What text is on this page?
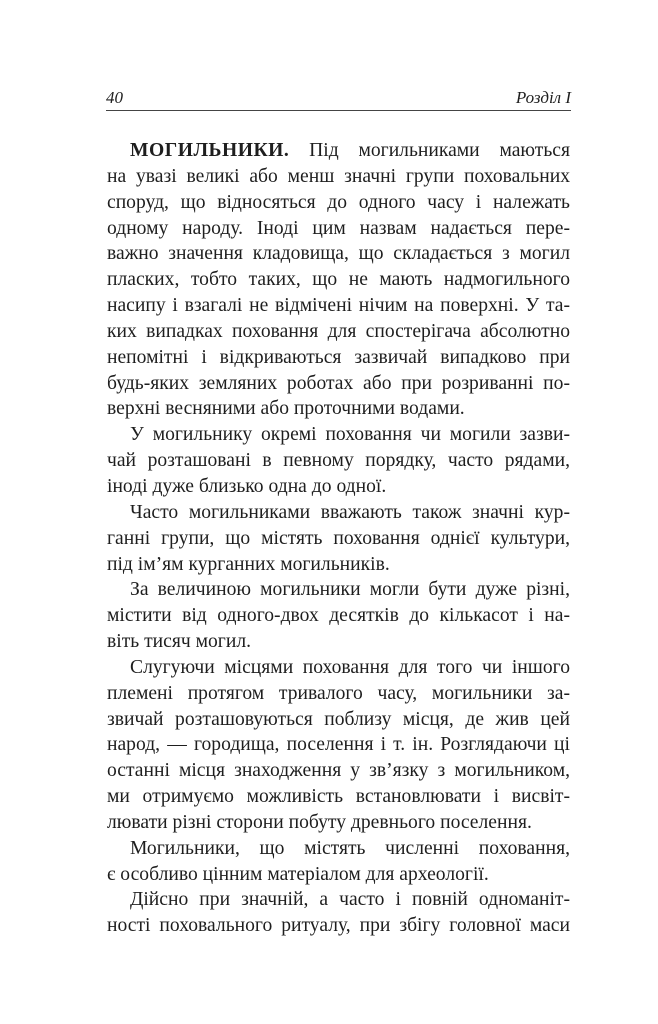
40	Розділ І
МОГИЛЬНИКИ. Під могильниками маються
на увазі великі або менш значні групи поховальних
споруд, що відносяться до одного часу і належать
одному народу. Іноді цим назвам надається пере-
важно значення кладовища, що складається з могил
пласких, тобто таких, що не мають надмогильного
насипу і взагалі не відмічені нічим на поверхні. У та-
ких випадках поховання для спостерігача абсолютно
непомітні і відкриваються зазвичай випадково при
будь-яких земляних роботах або при розриванні по-
верхні весняними або проточними водами.
У могильнику окремі поховання чи могили зазви-
чай розташовані в певному порядку, часто рядами,
іноді дуже близько одна до одної.
Часто могильниками вважають також значні кур-
ганні групи, що містять поховання однієї культури,
під ім’ям курганних могильників.
За величиною могильники могли бути дуже різні,
містити від одного-двох десятків до кількасот і на-
віть тисяч могил.
Слугуючи місцями поховання для того чи іншого
племені протягом тривалого часу, могильники за-
звичай розташовуються поблизу місця, де жив цей
народ, — городища, поселення і т. ін. Розглядаючи ці
останні місця знаходження у зв’язку з могильником,
ми отримуємо можливість встановлювати і висвіт-
лювати різні сторони побуту древнього поселення.
Могильники, що містять численні поховання,
є особливо цінним матеріалом для археології.
Дійсно при значній, а часто і повній одноманіт-
ності поховального ритуалу, при збігу головної маси
